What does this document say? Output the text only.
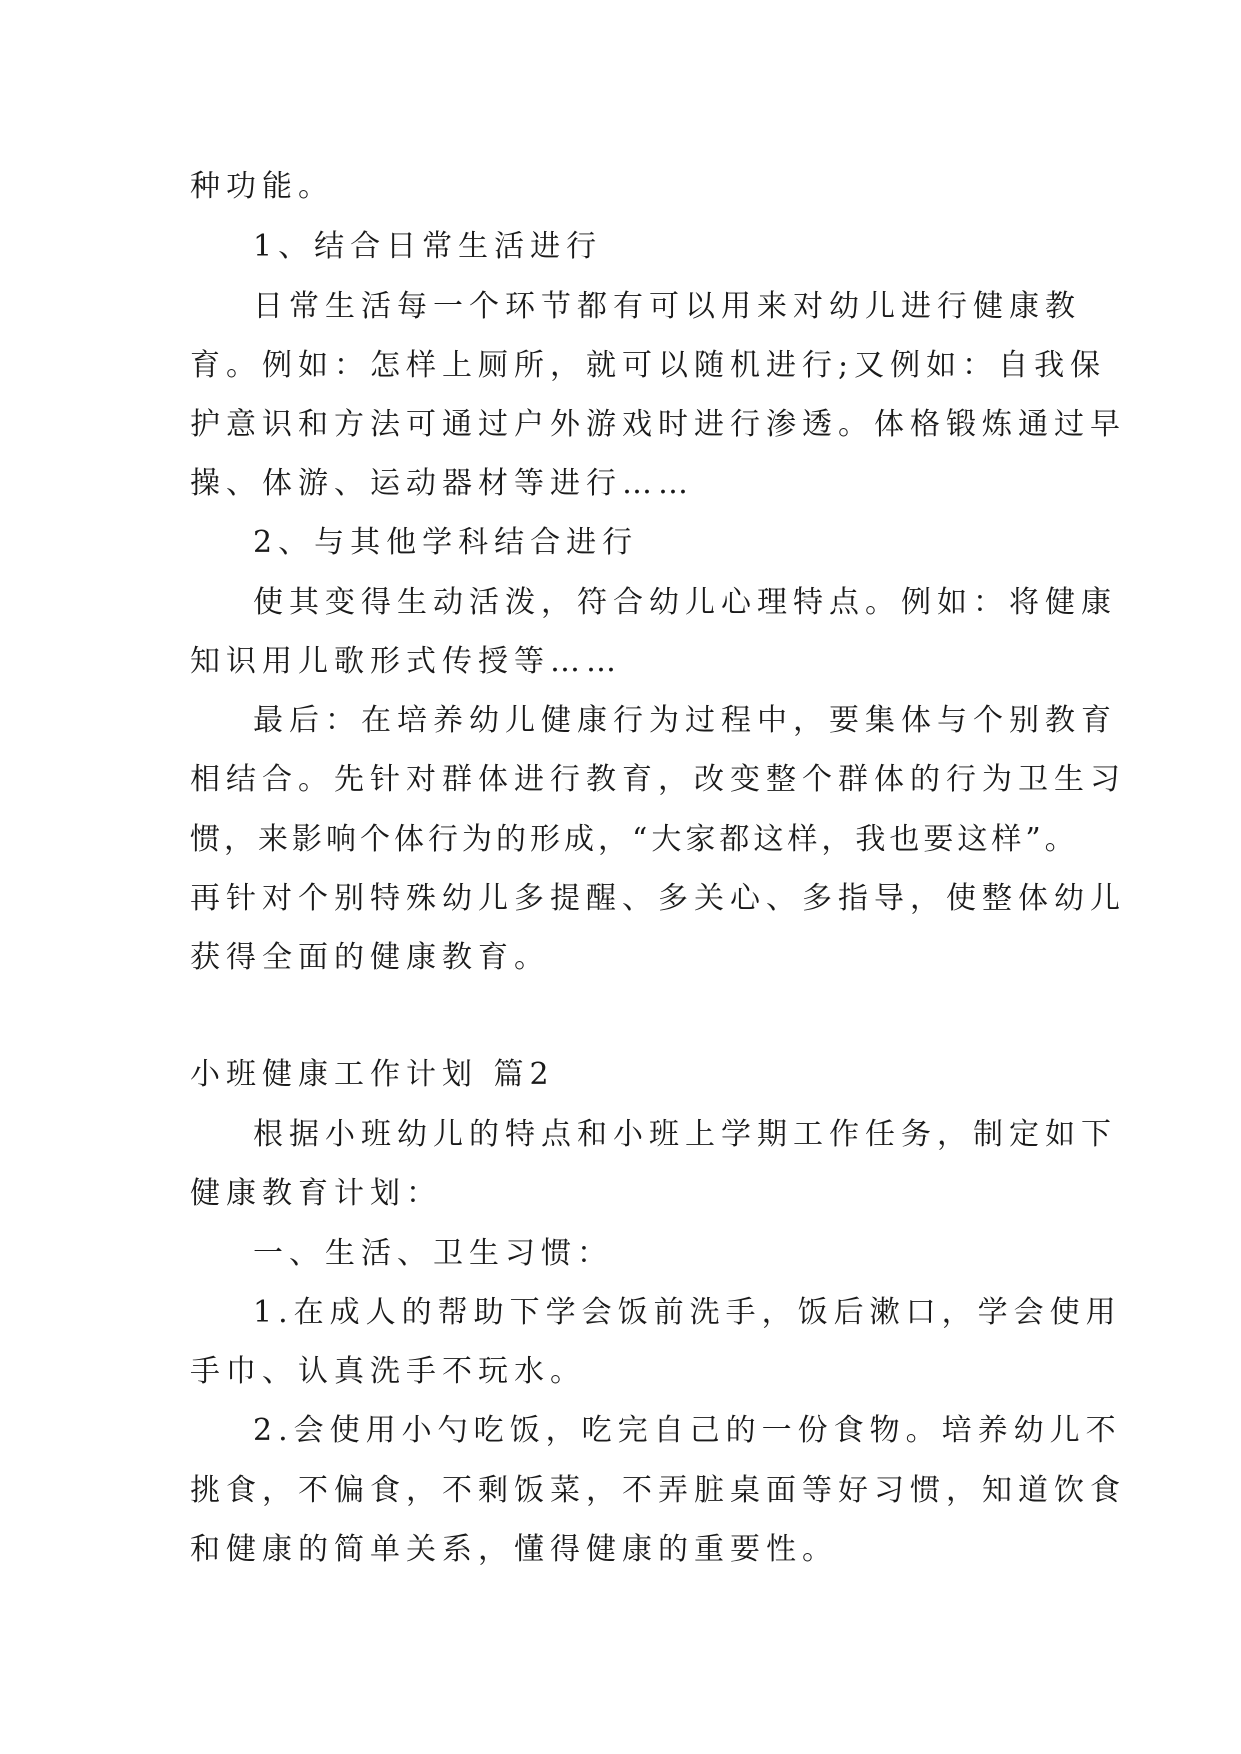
种功能。
1、结合日常生活进行
日常生活每一个环节都有可以用来对幼儿进行健康教
育。例如：怎样上厕所，就可以随机进行;又例如：自我保
护意识和方法可通过户外游戏时进行渗透。体格锻炼通过早
操、体游、运动器材等进行……
2、与其他学科结合进行
使其变得生动活泼，符合幼儿心理特点。例如：将健康
知识用儿歌形式传授等……
最后：在培养幼儿健康行为过程中，要集体与个别教育
相结合。先针对群体进行教育，改变整个群体的行为卫生习
惯，来影响个体行为的形成，“大家都这样，我也要这样”。
再针对个别特殊幼儿多提醒、多关心、多指导，使整体幼儿
获得全面的健康教育。
小班健康工作计划 篇2
根据小班幼儿的特点和小班上学期工作任务，制定如下
健康教育计划：
一、生活、卫生习惯：
1.在成人的帮助下学会饭前洗手，饭后漱口，学会使用
手巾、认真洗手不玩水。
2.会使用小勺吃饭，吃完自己的一份食物。培养幼儿不
挑食，不偏食，不剩饭菜，不弄脏桌面等好习惯，知道饮食
和健康的简单关系，懂得健康的重要性。
